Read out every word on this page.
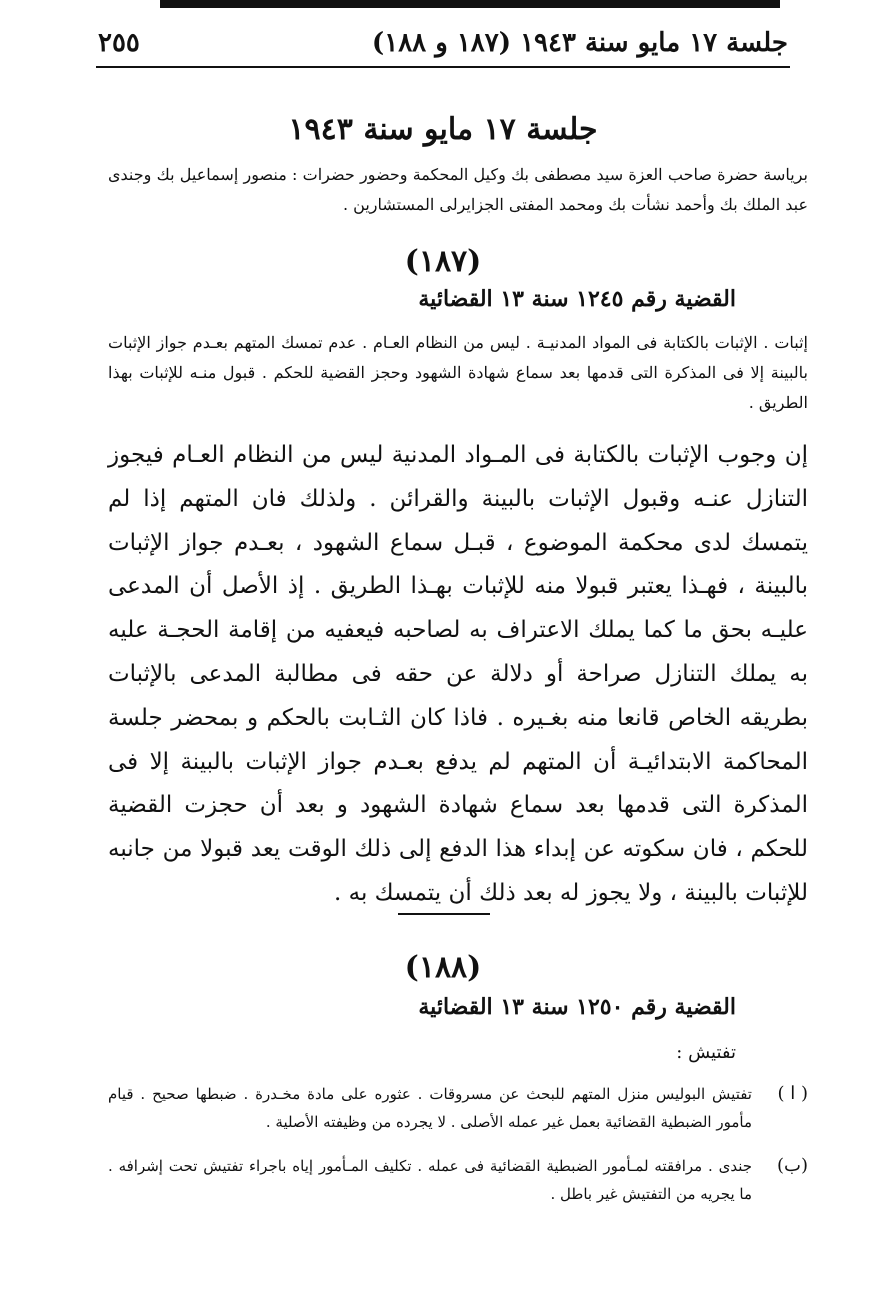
جلسة ١٧ مايو سنة ١٩٤٣ (١٨٧ و ١٨٨)
٢٥٥
جلسة ١٧ مايو سنة ١٩٤٣
برياسة حضرة صاحب العزة سيد مصطفى بك وكيل المحكمة وحضور حضرات : منصور إسماعيل بك وجندى عبد الملك بك وأحمد نشأت بك ومحمد المفتى الجزايرلى المستشارين .
(١٨٧)
القضية رقم ١٢٤٥ سنة ١٣ القضائية
إثبات . الإثبات بالكتابة فى المواد المدنيـة . ليس من النظام العـام . عدم تمسك المتهم بعـدم جواز الإثبات بالبينة إلا فى المذكرة التى قدمها بعد سماع شهادة الشهود وحجز القضية للحكم . قبول منـه للإثبات بهذا الطريق .

إن وجوب الإثبات بالكتابة فى المـواد المدنية ليس من النظام العـام فيجوز التنازل عنـه وقبول الإثبات بالبينة والقرائن . ولذلك فان المتهم إذا لم يتمسك لدى محكمة الموضوع ، قبـل سماع الشهود ، بعـدم جواز الإثبات بالبينة ، فهـذا يعتبر قبولا منه للإثبات بهـذا الطريق . إذ الأصل أن المدعى عليـه بحق ما كما يملك الاعتراف به لصاحبه فيعفيه من إقامة الحجـة عليه به يملك التنازل صراحة أو دلالة عن حقه فى مطالبة المدعى بالإثبات بطريقه الخاص قانعا منه بغـيره . فاذا كان الثـابت بالحكم و بمحضر جلسة المحاكمة الابتدائيـة أن المتهم لم يدفع بعـدم جواز الإثبات بالبينة إلا فى المذكرة التى قدمها بعد سماع شهادة الشهود و بعد أن حجزت القضية للحكم ، فان سكوته عن إبداء هذا الدفع إلى ذلك الوقت يعد قبولا من جانبه للإثبات بالبينة ، ولا يجوز له بعد ذلك أن يتمسك به .

(١٨٨)
القضية رقم ١٢٥٠ سنة ١٣ القضائية
تفتيش :
( ا )
تفتيش البوليس منزل المتهم للبحث عن مسروقات . عثوره على مادة مخـدرة . ضبطها صحيح . قيام مأمور الضبطية القضائية بعمل غير عمله الأصلى . لا يجرده من وظيفته الأصلية .
(ب)
جندى . مرافقته لمـأمور الضبطية القضائية فى عمله . تكليف المـأمور إياه باجراء تفتيش تحت إشرافه . ما يجريه من التفتيش غير باطل .
